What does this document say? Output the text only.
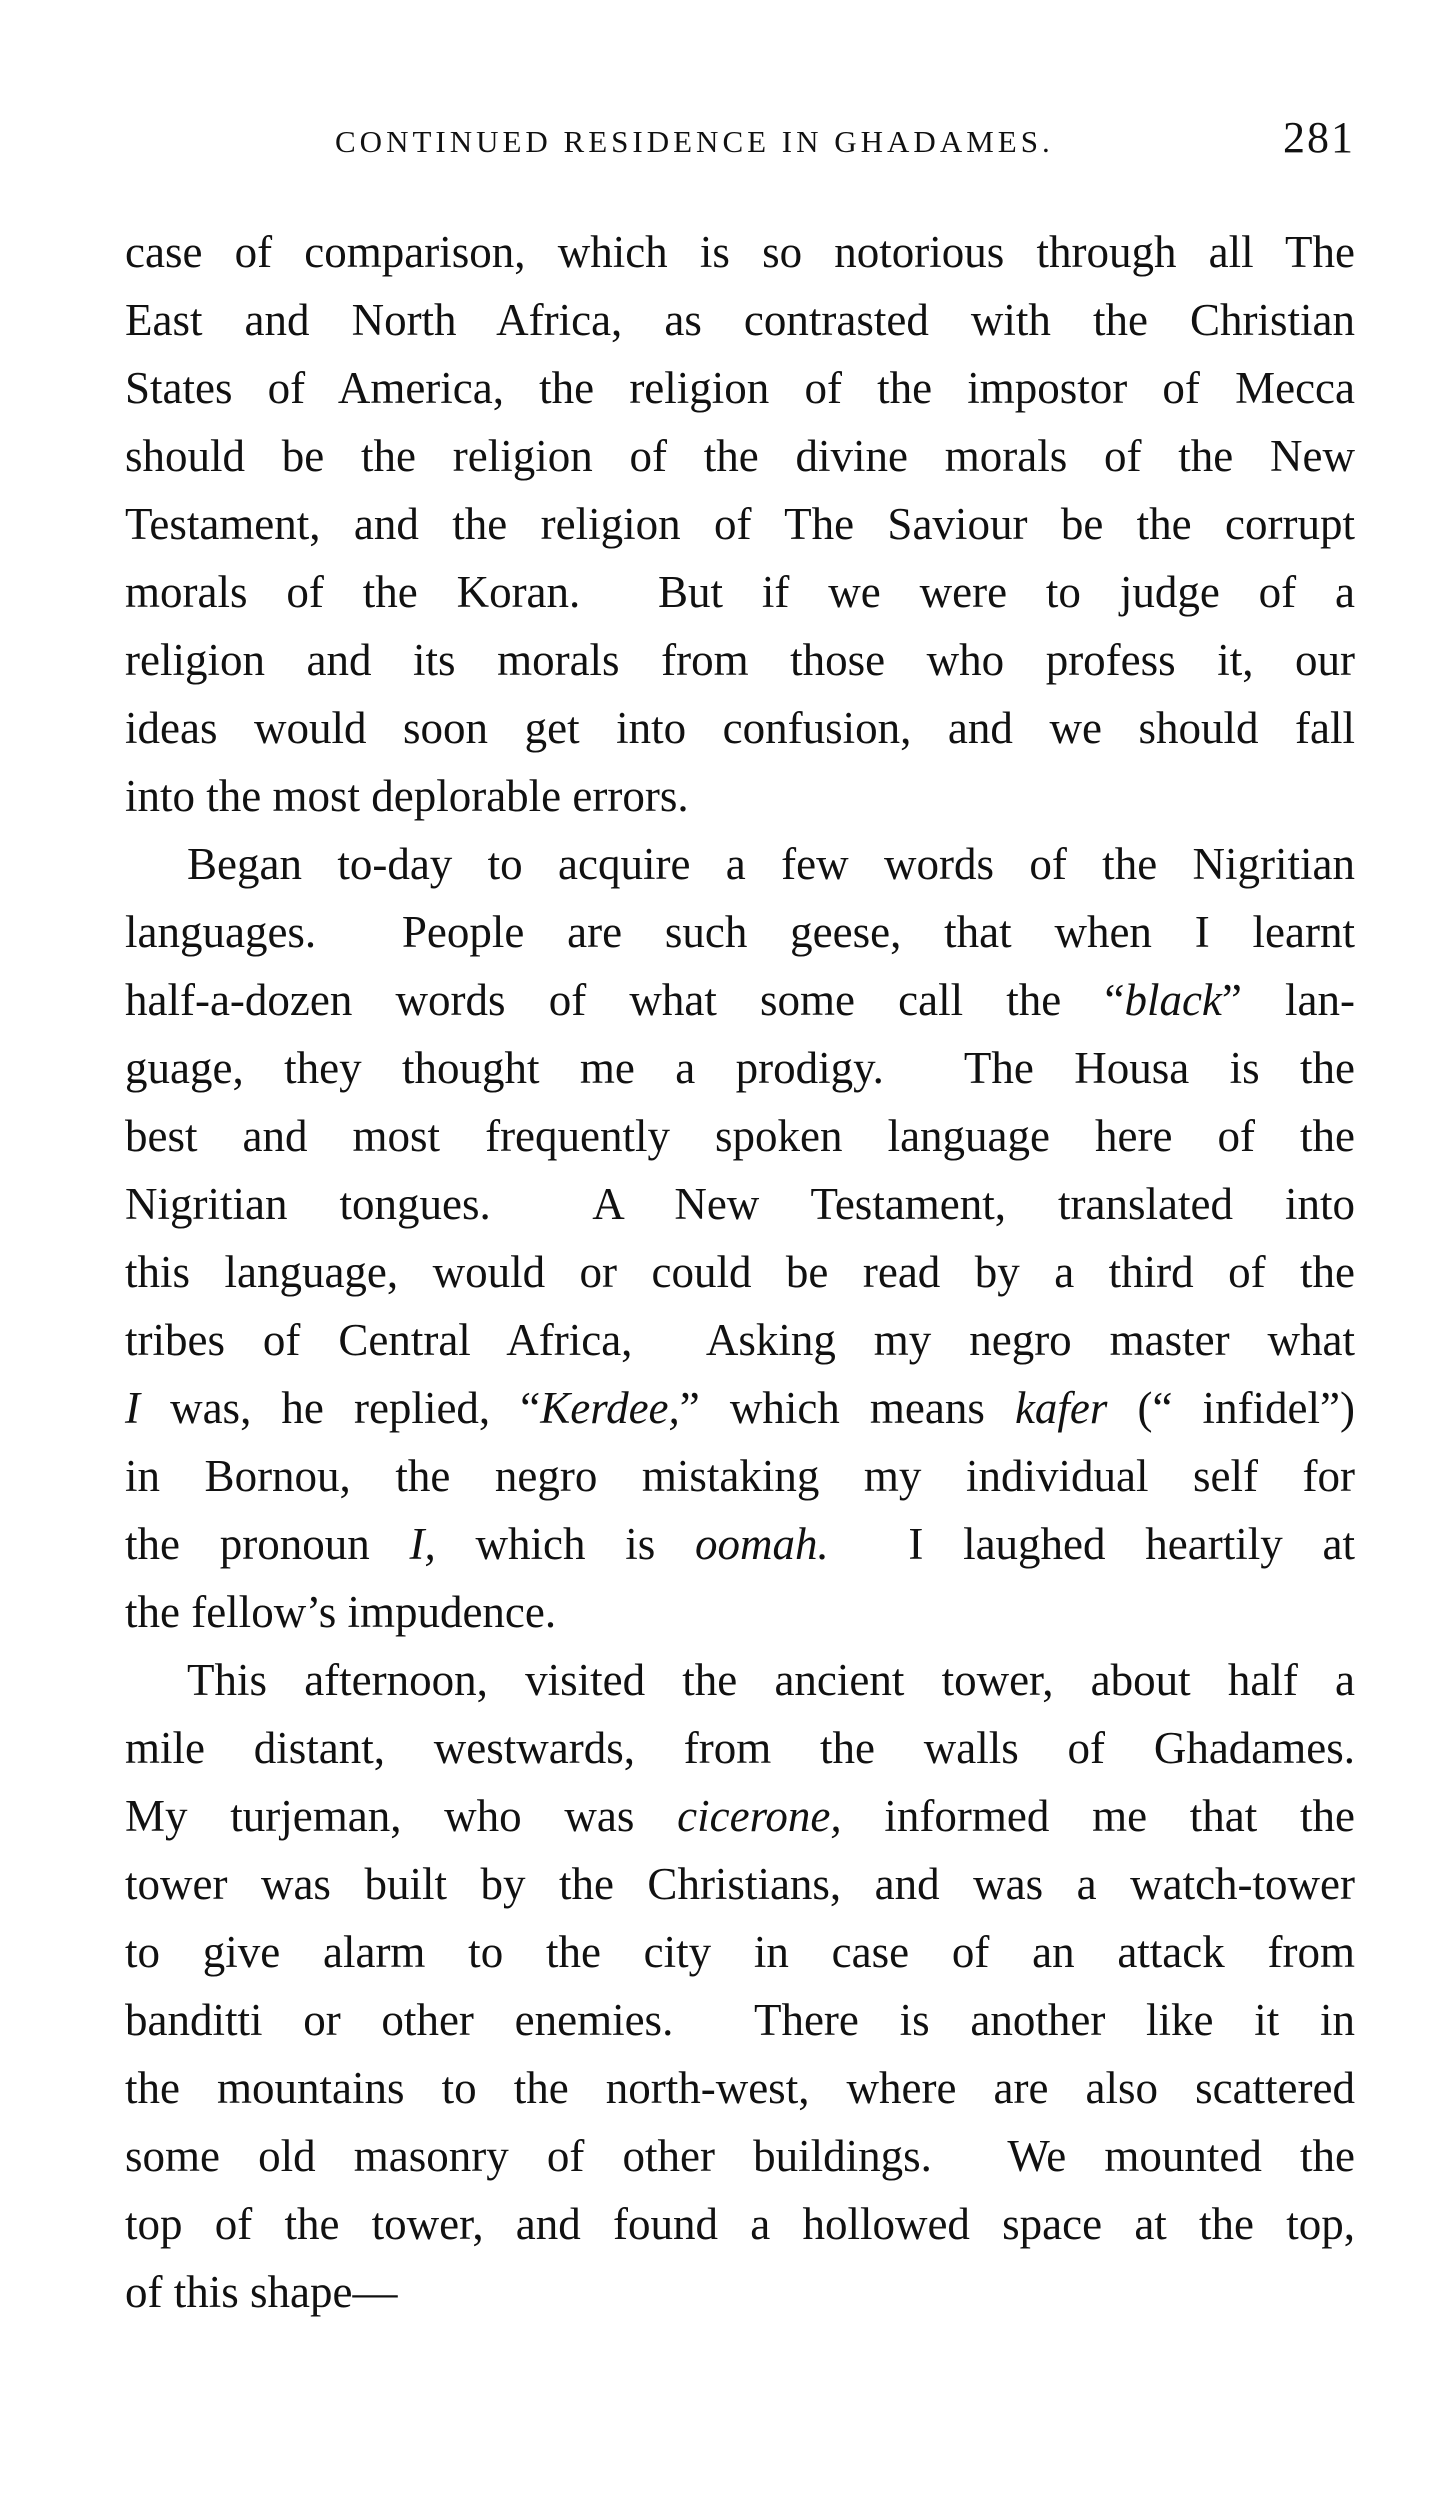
CONTINUED RESIDENCE IN GHADAMES.	281
case of comparison, which is so notorious through all The
East and North Africa, as contrasted with the Christian
States of America, the religion of the impostor of Mecca
should be the religion of the divine morals of the New
Testament, and the religion of The Saviour be the corrupt
morals of the Koran.  But if we were to judge of a
religion and its morals from those who profess it, our
ideas would soon get into confusion, and we should fall
into the most deplorable errors.
Began to-day to acquire a few words of the Nigritian
languages.  People are such geese, that when I learnt
half-a-dozen words of what some call the “black” lan-
guage, they thought me a prodigy.  The Housa is the
best and most frequently spoken language here of the
Nigritian tongues.  A New Testament, translated into
this language, would or could be read by a third of the
tribes of Central Africa,  Asking my negro master what
I was, he replied, “Kerdee,” which means kafer (“ infidel”)
in Bornou, the negro mistaking my individual self for
the pronoun I, which is oomah.  I laughed heartily at
the fellow’s impudence.
This afternoon, visited the ancient tower, about half a
mile distant, westwards, from the walls of Ghadames.
My turjeman, who was cicerone, informed me that the
tower was built by the Christians, and was a watch-tower
to give alarm to the city in case of an attack from
banditti or other enemies.  There is another like it in
the mountains to the north-west, where are also scattered
some old masonry of other buildings.  We mounted the
top of the tower, and found a hollowed space at the top,
of this shape—
